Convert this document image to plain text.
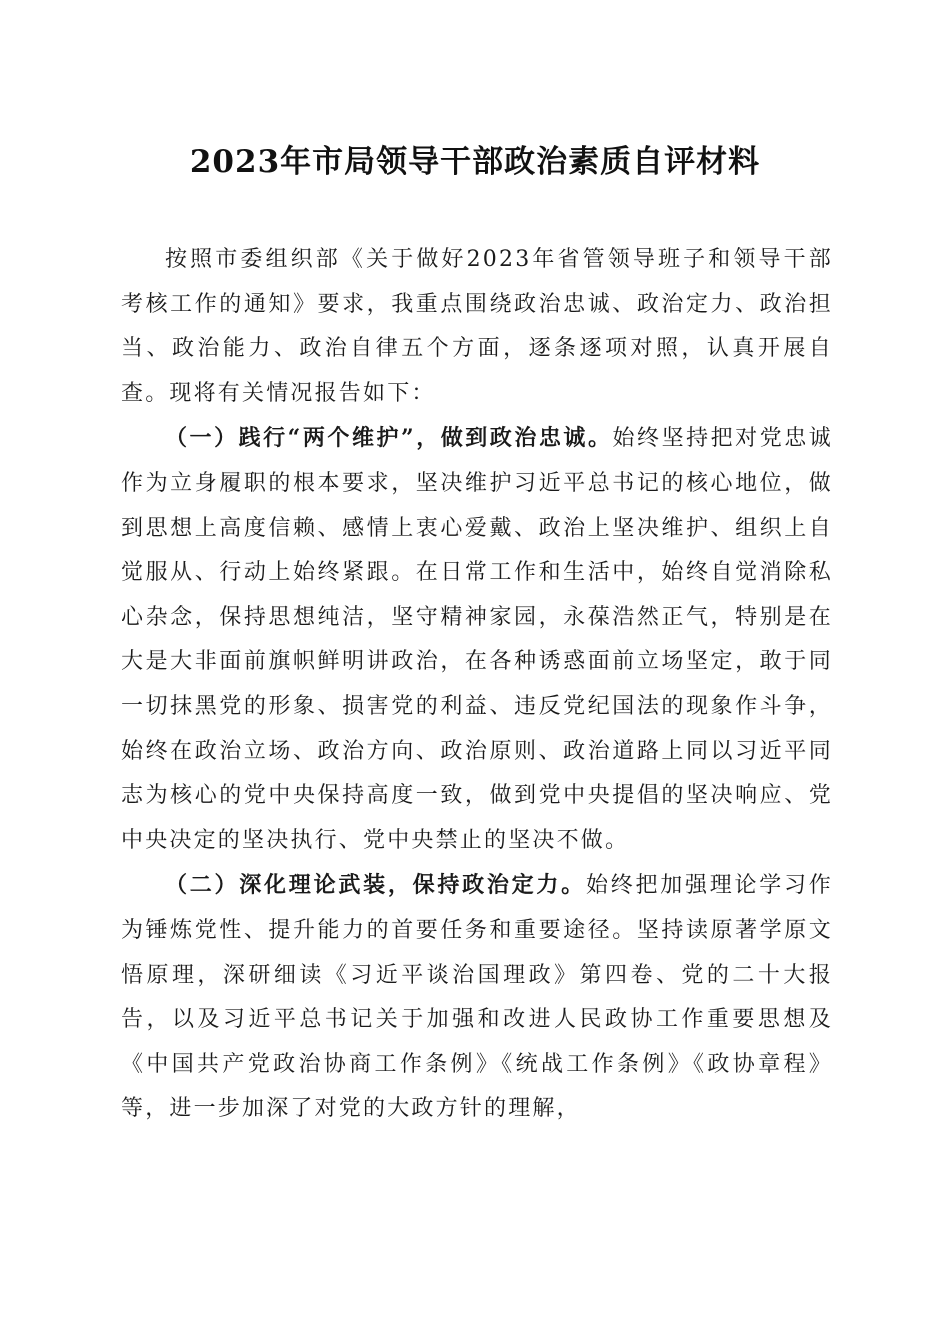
2023年市局领导干部政治素质自评材料

按照市委组织部《关于做好2023年省管领导班子和领导干部考核工作的通知》要求，我重点围绕政治忠诚、政治定力、政治担当、政治能力、政治自律五个方面，逐条逐项对照，认真开展自查。现将有关情况报告如下：

（一）践行“两个维护”，做到政治忠诚。始终坚持把对党忠诚作为立身履职的根本要求，坚决维护习近平总书记的核心地位，做到思想上高度信赖、感情上衷心爱戴、政治上坚决维护、组织上自觉服从、行动上始终紧跟。在日常工作和生活中，始终自觉消除私心杂念，保持思想纯洁，坚守精神家园，永葆浩然正气，特别是在大是大非面前旗帜鲜明讲政治，在各种诱惑面前立场坚定，敢于同一切抹黑党的形象、损害党的利益、违反党纪国法的现象作斗争，始终在政治立场、政治方向、政治原则、政治道路上同以习近平同志为核心的党中央保持高度一致，做到党中央提倡的坚决响应、党中央决定的坚决执行、党中央禁止的坚决不做。

（二）深化理论武装，保持政治定力。始终把加强理论学习作为锤炼党性、提升能力的首要任务和重要途径。坚持读原著学原文悟原理，深研细读《习近平谈治国理政》第四卷、党的二十大报告，以及习近平总书记关于加强和改进人民政协工作重要思想及《中国共产党政治协商工作条例》《统战工作条例》《政协章程》等，进一步加深了对党的大政方针的理解，
